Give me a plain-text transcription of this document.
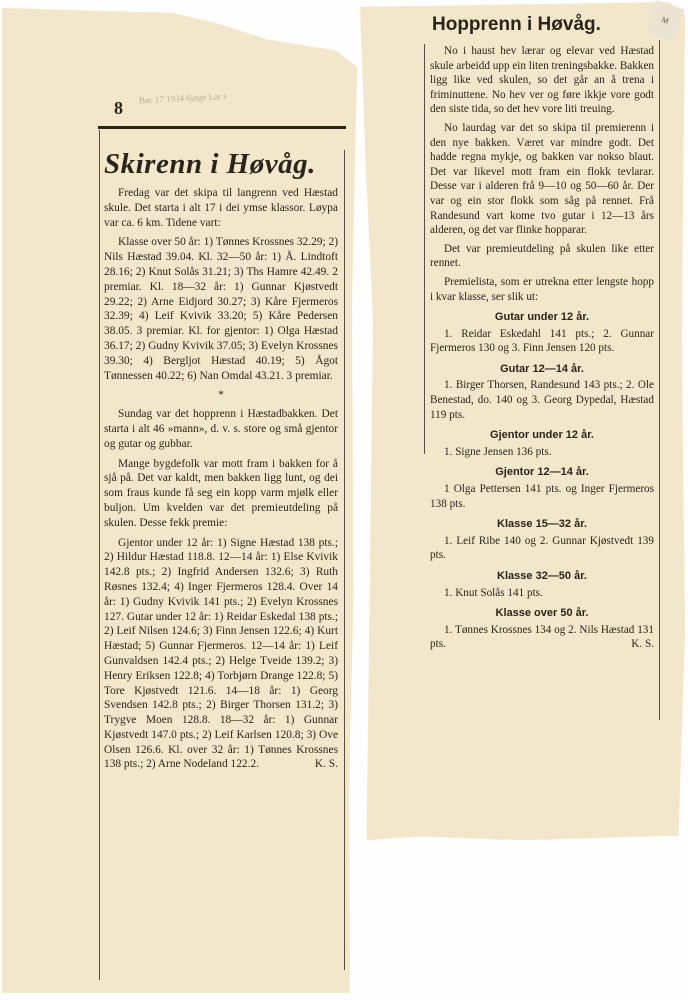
Bør 17 1934 6jøge Lar s
8
Skirenn i Høvåg.

Fredag var det skipa til langrenn ved Hæstad skule. Det starta i alt 17 i dei ymse klassor. Løypa var ca. 6 km. Tidene vart:

Klasse over 50 år: 1) Tønnes Krossnes 32.29; 2) Nils Hæstad 39.04. Kl. 32—50 år: 1) Å. Lindtoft 28.16; 2) Knut Solås 31.21; 3) Ths Hamre 42.49. 2 premiar. Kl. 18—32 år: 1) Gunnar Kjøstvedt 29.22; 2) Arne Eidjord 30.27; 3) Kåre Fjermeros 32.39; 4) Leif Kvivik 33.20; 5) Kåre Pedersen 38.05. 3 premiar. Kl. for gjentor: 1) Olga Hæstad 36.17; 2) Gudny Kvivik 37.05; 3) Evelyn Krossnes 39.30; 4) Bergljot Hæstad 40.19; 5) Ågot Tønnessen 40.22; 6) Nan Omdal 43.21. 3 premiar.

*

Sundag var det hopprenn i Hæstadbakken. Det starta i alt 46 »mann», d. v. s. store og små gjentor og gutar og gubbar.

Mange bygdefolk var mott fram i bakken for å sjå på. Det var kaldt, men bakken ligg lunt, og dei som fraus kunde få seg ein kopp varm mjølk eller buljon. Um kvelden var det premieutdeling på skulen. Desse fekk premie:

Gjentor under 12 år: 1) Signe Hæstad 138 pts.; 2) Hildur Hæstad 118.8. 12—14 år: 1) Else Kvivik 142.8 pts.; 2) Ingfrid Andersen 132.6; 3) Ruth Røsnes 132.4; 4) Inger Fjermeros 128.4. Over 14 år: 1) Gudny Kvivik 141 pts.; 2) Evelyn Krossnes 127. Gutar under 12 år: 1) Reidar Eskedal 138 pts.; 2) Leif Nilsen 124.6; 3) Finn Jensen 122.6; 4) Kurt Hæstad; 5) Gunnar Fjermeros. 12—14 år: 1) Leif Gunvaldsen 142.4 pts.; 2) Helge Tveide 139.2; 3) Henry Eriksen 122.8; 4) Torbjørn Drange 122.8; 5) Tore Kjøstvedt 121.6. 14—18 år: 1) Georg Svendsen 142.8 pts.; 2) Birger Thorsen 131.2; 3) Trygve Moen 128.8. 18—32 år: 1) Gunnar Kjøstvedt 147.0 pts.; 2) Leif Karlsen 120.8; 3) Ove Olsen 126.6. Kl. over 32 år: 1) Tønnes Krossnes 138 pts.; 2) Arne Nodeland 122.2.	K. S.

M
Hopprenn i Høvåg.

No i haust hev lærar og elevar ved Hæstad skule arbeidd upp ein liten treningsbakke. Bakken ligg like ved skulen, so det går an å trena i friminuttene. No hev ver og føre ikkje vore godt den siste tida, so det hev vore liti treuing.

No laurdag var det so skipa til premierenn i den nye bakken. Været var mindre godt. Det hadde regna mykje, og bakken var nokso blaut. Det var likevel mott fram ein flokk tevlarar. Desse var i alderen frå 9—10 og 50—60 år. Der var og ein stor flokk som såg på rennet. Frå Randesund vart kome tvo gutar i 12—13 års alderen, og det var flinke hopparar.

Det var premieutdeling på skulen like etter rennet.

Premielista, som er utrekna etter lengste hopp i kvar klasse, ser slik ut:

Gutar under 12 år.

1. Reidar Eskedahl 141 pts.; 2. Gunnar Fjermeros 130 og 3. Finn Jensen 120 pts.

Gutar 12—14 år.

1. Birger Thorsen, Randesund 143 pts.; 2. Ole Benestad, do. 140 og 3. Georg Dypedal, Hæstad 119 pts.

Gjentor under 12 år.

1. Signe Jensen 136 pts.

Gjentor 12—14 år.

1 Olga Pettersen 141 pts. og Inger Fjermeros 138 pts.

Klasse 15—32 år.

1. Leif Ribe 140 og 2. Gunnar Kjøstvedt 139 pts.

Klasse 32—50 år.

1. Knut Solås 141 pts.

Klasse over 50 år.

1. Tønnes Krossnes 134 og 2. Nils Hæstad 131 pts.	K. S.
